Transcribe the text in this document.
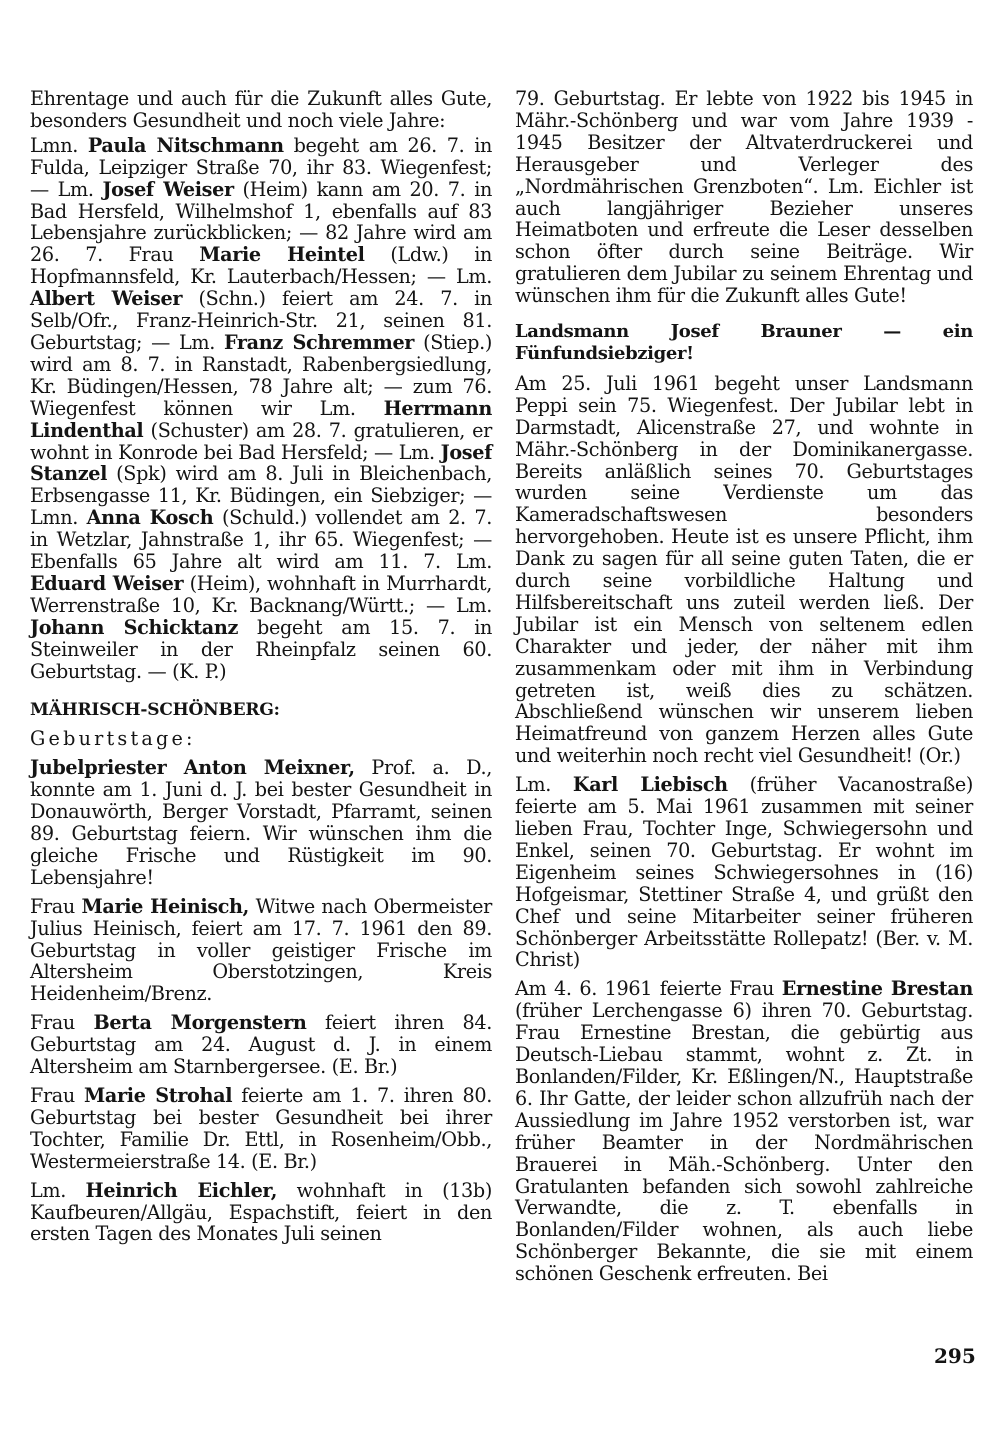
Ehrentage und auch für die Zukunft alles Gute, besonders Gesundheit und noch viele Jahre:

Lmn. Paula Nitschmann begeht am 26. 7. in Fulda, Leipziger Straße 70, ihr 83. Wiegenfest; — Lm. Josef Weiser (Heim) kann am 20. 7. in Bad Hersfeld, Wilhelmshof 1, ebenfalls auf 83 Lebensjahre zurückblicken; — 82 Jahre wird am 26. 7. Frau Marie Heintel (Ldw.) in Hopfmannsfeld, Kr. Lauterbach/Hessen; — Lm. Albert Weiser (Schn.) feiert am 24. 7. in Selb/Ofr., Franz-Heinrich-Str. 21, seinen 81. Geburtstag; — Lm. Franz Schremmer (Stiep.) wird am 8. 7. in Ranstadt, Rabenbergsiedlung, Kr. Büdingen/Hessen, 78 Jahre alt; — zum 76. Wiegenfest können wir Lm. Herrmann Lindenthal (Schuster) am 28. 7. gratulieren, er wohnt in Konrode bei Bad Hersfeld; — Lm. Josef Stanzel (Spk) wird am 8. Juli in Bleichenbach, Erbsengasse 11, Kr. Büdingen, ein Siebziger; — Lmn. Anna Kosch (Schuld.) vollendet am 2. 7. in Wetzlar, Jahnstraße 1, ihr 65. Wiegenfest; — Ebenfalls 65 Jahre alt wird am 11. 7. Lm. Eduard Weiser (Heim), wohnhaft in Murrhardt, Werrenstraße 10, Kr. Backnang/Württ.; — Lm. Johann Schicktanz begeht am 15. 7. in Steinweiler in der Rheinpfalz seinen 60. Geburtstag. — (K. P.)

MÄHRISCH-SCHÖNBERG:
Geburtstage:

Jubelpriester Anton Meixner, Prof. a. D., konnte am 1. Juni d. J. bei bester Gesundheit in Donauwörth, Berger Vorstadt, Pfarramt, seinen 89. Geburtstag feiern. Wir wünschen ihm die gleiche Frische und Rüstigkeit im 90. Lebensjahre!

Frau Marie Heinisch, Witwe nach Obermeister Julius Heinisch, feiert am 17. 7. 1961 den 89. Geburtstag in voller geistiger Frische im Altersheim Oberstotzingen, Kreis Heidenheim/Brenz.

Frau Berta Morgenstern feiert ihren 84. Geburtstag am 24. August d. J. in einem Altersheim am Starnbergersee. (E. Br.)

Frau Marie Strohal feierte am 1. 7. ihren 80. Geburtstag bei bester Gesundheit bei ihrer Tochter, Familie Dr. Ettl, in Rosenheim/Obb., Westermeierstraße 14. (E. Br.)

Lm. Heinrich Eichler, wohnhaft in (13b) Kaufbeuren/Allgäu, Espachstift, feiert in den ersten Tagen des Monates Juli seinen

79. Geburtstag. Er lebte von 1922 bis 1945 in Mähr.-Schönberg und war vom Jahre 1939 - 1945 Besitzer der Altvaterdruckerei und Herausgeber und Verleger des „Nordmährischen Grenzboten“. Lm. Eichler ist auch langjähriger Bezieher unseres Heimatboten und erfreute die Leser desselben schon öfter durch seine Beiträge. Wir gratulieren dem Jubilar zu seinem Ehrentag und wünschen ihm für die Zukunft alles Gute!

Landsmann Josef Brauner — ein Fünfundsiebziger!

Am 25. Juli 1961 begeht unser Landsmann Peppi sein 75. Wiegenfest. Der Jubilar lebt in Darmstadt, Alicenstraße 27, und wohnte in Mähr.-Schönberg in der Dominikanergasse. Bereits anläßlich seines 70. Geburtstages wurden seine Verdienste um das Kameradschaftswesen besonders hervorgehoben. Heute ist es unsere Pflicht, ihm Dank zu sagen für all seine guten Taten, die er durch seine vorbildliche Haltung und Hilfsbereitschaft uns zuteil werden ließ. Der Jubilar ist ein Mensch von seltenem edlen Charakter und jeder, der näher mit ihm zusammenkam oder mit ihm in Verbindung getreten ist, weiß dies zu schätzen. Abschließend wünschen wir unserem lieben Heimatfreund von ganzem Herzen alles Gute und weiterhin noch recht viel Gesundheit! (Or.)

Lm. Karl Liebisch (früher Vacanostraße) feierte am 5. Mai 1961 zusammen mit seiner lieben Frau, Tochter Inge, Schwiegersohn und Enkel, seinen 70. Geburtstag. Er wohnt im Eigenheim seines Schwiegersohnes in (16) Hofgeismar, Stettiner Straße 4, und grüßt den Chef und seine Mitarbeiter seiner früheren Schönberger Arbeitsstätte Rollepatz! (Ber. v. M. Christ)

Am 4. 6. 1961 feierte Frau Ernestine Brestan (früher Lerchengasse 6) ihren 70. Geburtstag. Frau Ernestine Brestan, die gebürtig aus Deutsch-Liebau stammt, wohnt z. Zt. in Bonlanden/Filder, Kr. Eßlingen/N., Hauptstraße 6. Ihr Gatte, der leider schon allzufrüh nach der Aussiedlung im Jahre 1952 verstorben ist, war früher Beamter in der Nordmährischen Brauerei in Mäh.-Schönberg. Unter den Gratulanten befanden sich sowohl zahlreiche Verwandte, die z. T. ebenfalls in Bonlanden/Filder wohnen, als auch liebe Schönberger Bekannte, die sie mit einem schönen Geschenk erfreuten. Bei

295
